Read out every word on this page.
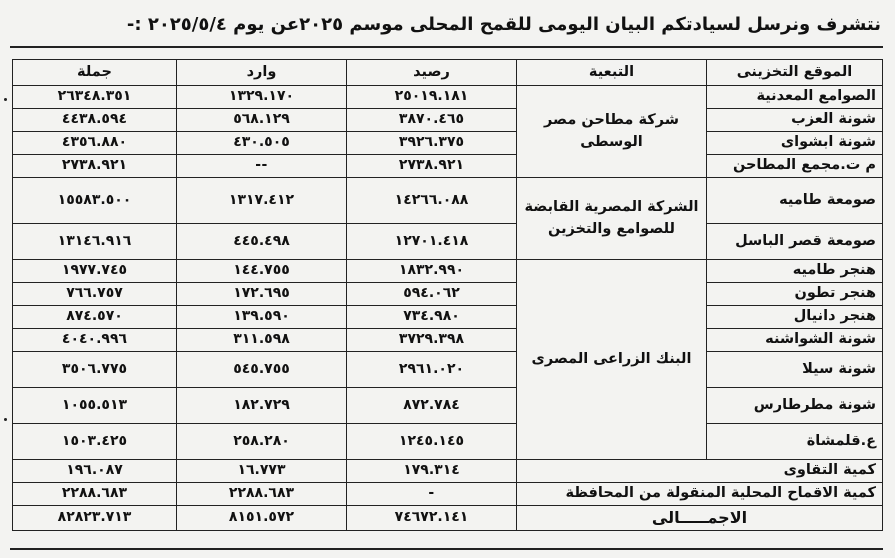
نتشرف ونرسل لسيادتكم البيان اليومى للقمح المحلى موسم ٢٠٢٥عن يوم ٢٠٢٥/٥/٤ :-
الموقع التخزينى	التبعية	رصيد	وارد	جملة
الصوامع المعدنية	شركة مطاحن مصر الوسطى	٢٥٠١٩.١٨١	١٣٢٩.١٧٠	٢٦٣٤٨.٣٥١
شونة العزب		٣٨٧٠.٤٦٥	٥٦٨.١٢٩	٤٤٣٨.٥٩٤
شونة ابشواى		٣٩٢٦.٣٧٥	٤٣٠.٥٠٥	٤٣٥٦.٨٨٠
م ت.مجمع المطاحن		٢٧٣٨.٩٢١	--	٢٧٣٨.٩٢١
صومعة طاميه	الشركة المصرية القابضة للصوامع والتخزين	١٤٢٦٦.٠٨٨	١٣١٧.٤١٢	١٥٥٨٣.٥٠٠
صومعة قصر الباسل		١٢٧٠١.٤١٨	٤٤٥.٤٩٨	١٣١٤٦.٩١٦
هنجر طاميه	البنك الزراعى المصرى	١٨٣٢.٩٩٠	١٤٤.٧٥٥	١٩٧٧.٧٤٥
هنجر تطون		٥٩٤.٠٦٢	١٧٢.٦٩٥	٧٦٦.٧٥٧
هنجر دانيال		٧٣٤.٩٨٠	١٣٩.٥٩٠	٨٧٤.٥٧٠
شونة الشواشنه		٣٧٢٩.٣٩٨	٣١١.٥٩٨	٤٠٤٠.٩٩٦
شونة سيلا		٢٩٦١.٠٢٠	٥٤٥.٧٥٥	٣٥٠٦.٧٧٥
شونة مطرطارس		٨٧٢.٧٨٤	١٨٢.٧٢٩	١٠٥٥.٥١٣
ع.قلمشاة		١٢٤٥.١٤٥	٢٥٨.٢٨٠	١٥٠٣.٤٢٥
كمية التقاوى		١٧٩.٣١٤	١٦.٧٧٣	١٩٦.٠٨٧
كمية الاقماح المحلية المنقولة من المحافظة		-	٢٢٨٨.٦٨٣	٢٢٨٨.٦٨٣
الاجمـــــالى		٧٤٦٧٢.١٤١	٨١٥١.٥٧٢	٨٢٨٢٣.٧١٣
